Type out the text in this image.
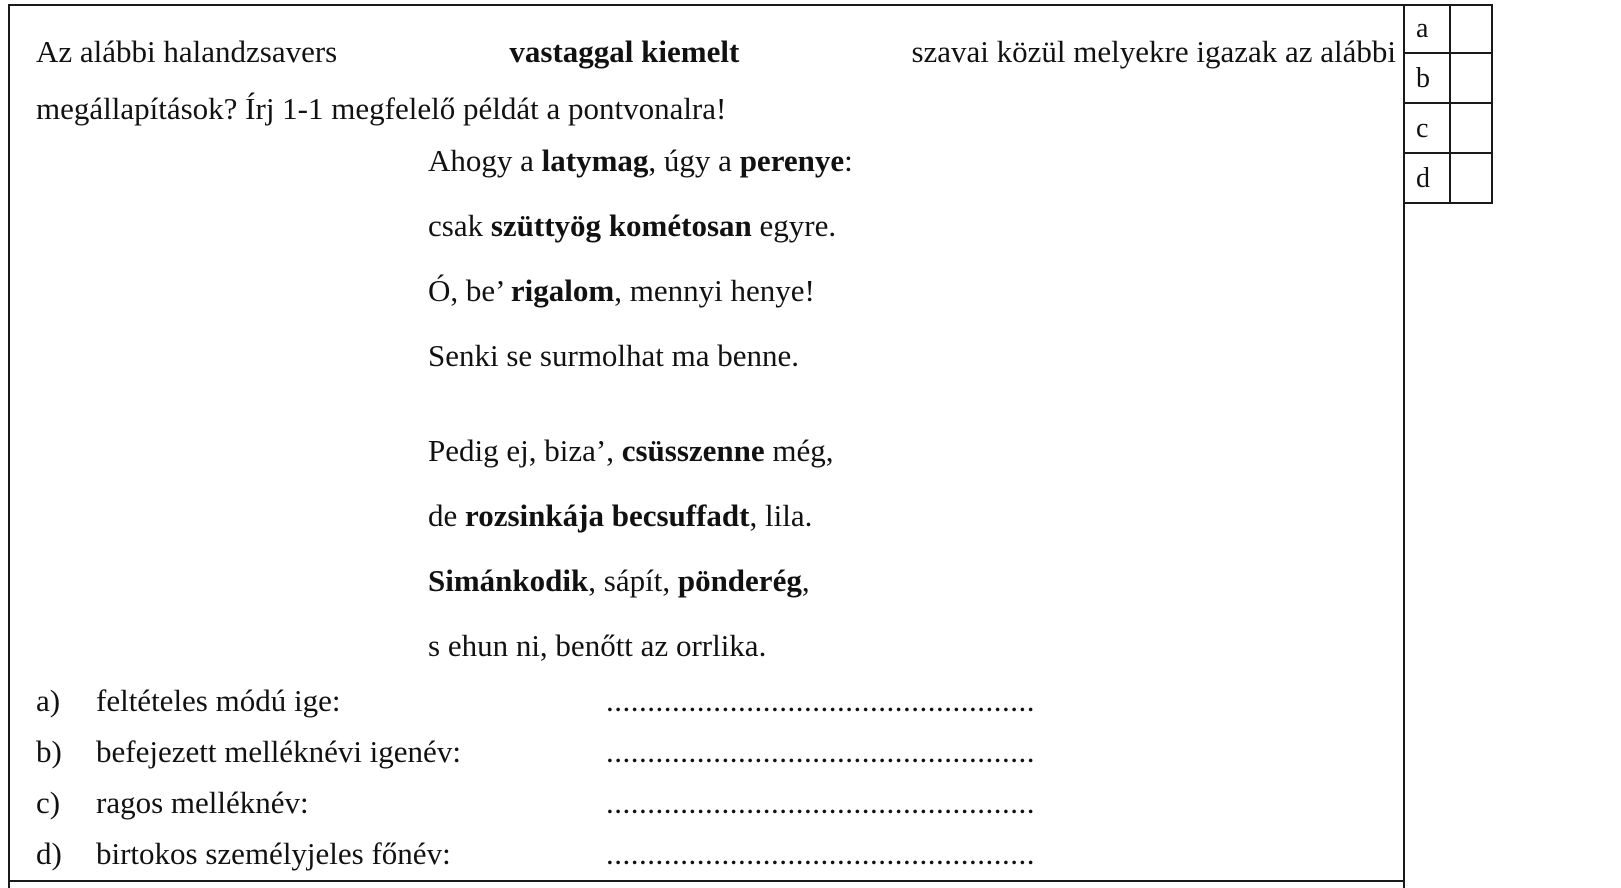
a
b
c
d
Az alábbi halandzsavers	vastaggal kiemelt	szavai közül melyekre igazak az alábbi
megállapítások? Írj 1-1 megfelelő példát a pontvonalra!
Ahogy a latymag, úgy a perenye:
csak szüttyög kométosan egyre.
Ó, be’ rigalom, mennyi henye!
Senki se surmolhat ma benne.
Pedig ej, biza’, csüsszenne még,
de rozsinkája becsuffadt, lila.
Simánkodik, sápít, pönderég,
s ehun ni, benőtt az orrlika.
a) feltételes módú ige:	....................................................
b) befejezett melléknévi igenév:	....................................................
c) ragos melléknév:	....................................................
d) birtokos személyjeles főnév:	....................................................
